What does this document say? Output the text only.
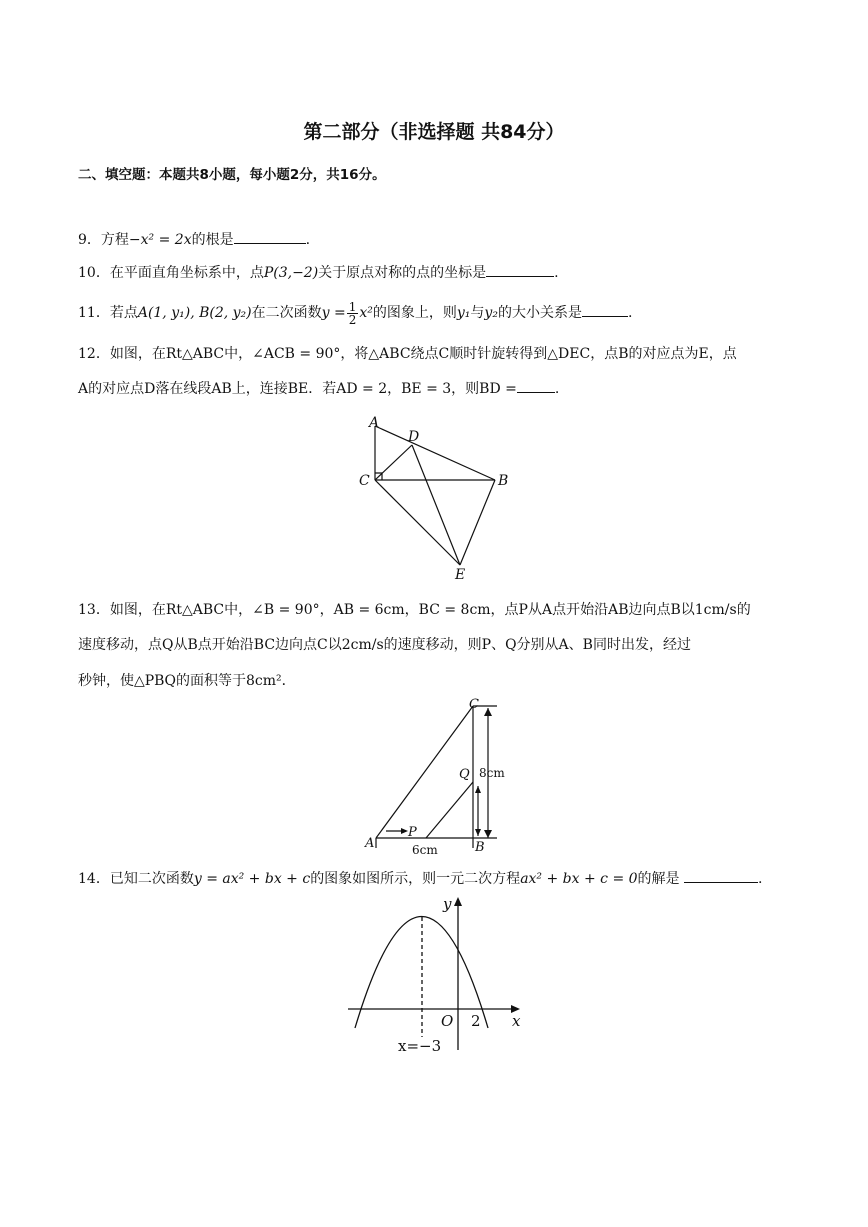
第二部分（非选择题 共84分）
二、填空题：本题共8小题，每小题2分，共16分。
9．方程−x² = 2x的根是	.
10．在平面直角坐标系中，点P(3,−2)关于原点对称的点的坐标是	.
11．若点A(1, y₁), B(2, y₂)在二次函数$y = \frac{1}{2} x^2$的图象上，则y₁与y₂的大小关系是	.
12．如图，在Rt△ABC中，∠ACB = 90°，将△ABC绕点C顺时针旋转得到△DEC，点B的对应点为E，点
A的对应点D落在线段AB上，连接BE．若AD = 2，BE = 3，则BD =	.
A
D
C	B
E
13．如图，在Rt△ABC中，∠B = 90°，AB = 6cm，BC = 8cm，点P从A点开始沿AB边向点B以1cm/s的
速度移动，点Q从B点开始沿BC边向点C以2cm/s的速度移动，则P、Q分别从A、B同时出发，经过
秒钟，使△PBQ的面积等于8cm²．
C
Q
P
A	B
8cm
6cm
14．已知二次函数y = ax² + bx + c的图象如图所示，则一元二次方程ax² + bx + c = 0的解是	.
y
x
O 2
x=−3
